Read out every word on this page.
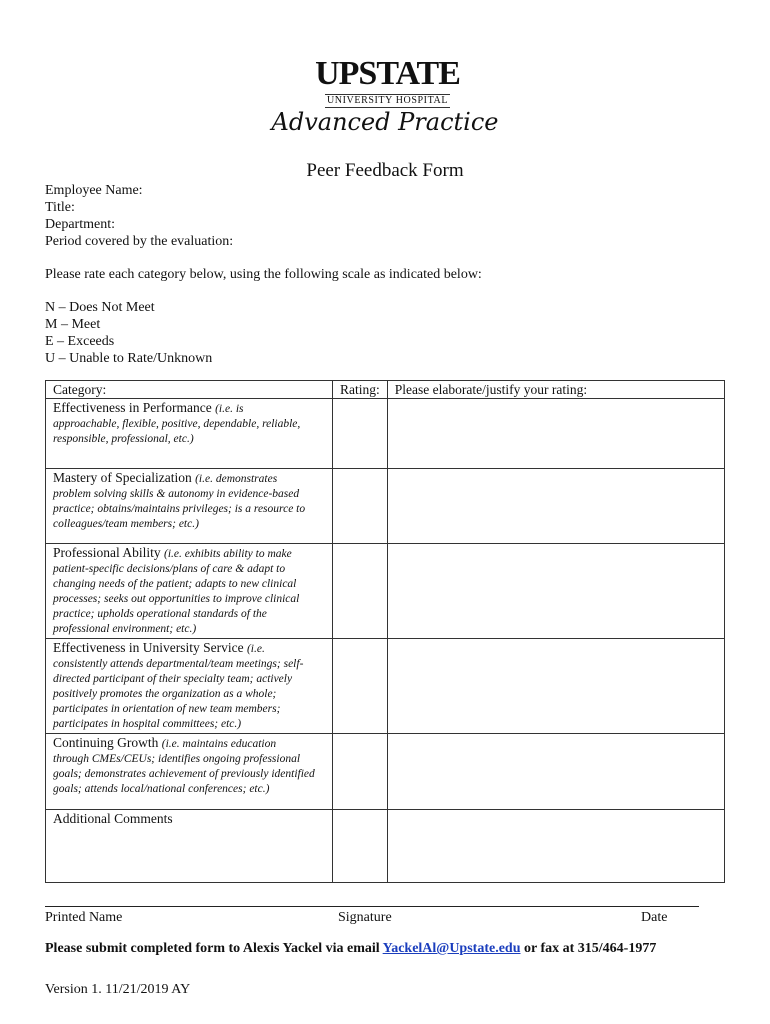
UPSTATE
UNIVERSITY HOSPITAL
Advanced Practice
Peer Feedback Form
Employee Name:
Title:
Department:
Period covered by the evaluation:
Please rate each category below, using the following scale as indicated below:
N – Does Not Meet
M – Meet
E – Exceeds
U – Unable to Rate/Unknown
Category:	Rating:	Please elaborate/justify your rating:
Effectiveness in Performance (i.e. is
approachable, flexible, positive, dependable, reliable, responsible, professional, etc.)		

Mastery of Specialization (i.e. demonstrates
problem solving skills & autonomy in evidence-based practice; obtains/maintains privileges; is a resource to colleagues/team members; etc.)		

Professional Ability (i.e. exhibits ability to make
patient-specific decisions/plans of care & adapt to changing needs of the patient; adapts to new clinical processes; seeks out opportunities to improve clinical practice; upholds operational standards of the professional environment; etc.)		

Effectiveness in University Service (i.e.
consistently attends departmental/team meetings; self-directed participant of their specialty team; actively positively promotes the organization as a whole; participates in orientation of new team members; participates in hospital committees; etc.)		

Continuing Growth (i.e. maintains education
through CMEs/CEUs; identifies ongoing professional goals; demonstrates achievement of previously identified goals; attends local/national conferences; etc.)		

Additional Comments		
Printed Name	Signature	Date
Please submit completed form to Alexis Yackel via email YackelAl@Upstate.edu or fax at 315/464-1977
Version 1. 11/21/2019 AY
